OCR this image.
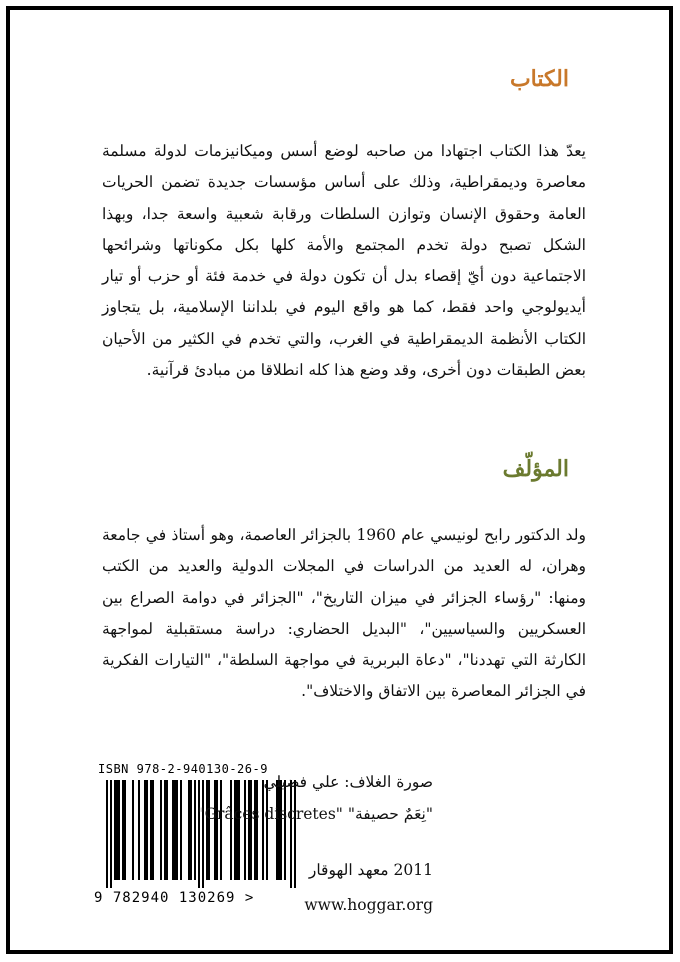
الكتاب

يعدّ هذا الكتاب اجتهادا من صاحبه لوضع أسس وميكانيزمات لدولة مسلمة معاصرة وديمقراطية، وذلك على أساس مؤسسات جديدة تضمن الحريات العامة وحقوق الإنسان وتوازن السلطات ورقابة شعبية واسعة جدا، وبهذا الشكل تصبح دولة تخدم المجتمع والأمة كلها بكل مكوناتها وشرائحها الاجتماعية دون أيّ إقصاء بدل أن تكون دولة في خدمة فئة أو حزب أو تيار أيديولوجي واحد فقط، كما هو واقع اليوم في بلداننا الإسلامية، بل يتجاوز الكتاب الأنظمة الديمقراطية في الغرب، والتي تخدم في الكثير من الأحيان بعض الطبقات دون أخرى، وقد وضع هذا كله انطلاقا من مبادئ قرآنية.

المؤلّف

ولد الدكتور رابح لونيسي عام 1960 بالجزائر العاصمة، وهو أستاذ في جامعة وهران، له العديد من الدراسات في المجلات الدولية والعديد من الكتب ومنها: "رؤساء الجزائر في ميزان التاريخ"، "الجزائر في دوامة الصراع بين العسكريين والسياسيين"، "البديل الحضاري: دراسة مستقبلية لمواجهة الكارثة التي تهددنا"، "دعاة البربرية في مواجهة السلطة"، "التيارات الفكرية في الجزائر المعاصرة بين الاتفاق والاختلاف".

ISBN 978-2-940130-26-9
9 782940 130269 >

صورة الغلاف: علي فضيلي

"نِعَمٌ حصيفة" "Grâces discretes"

2011 معهد الهوقار

www.hoggar.org
